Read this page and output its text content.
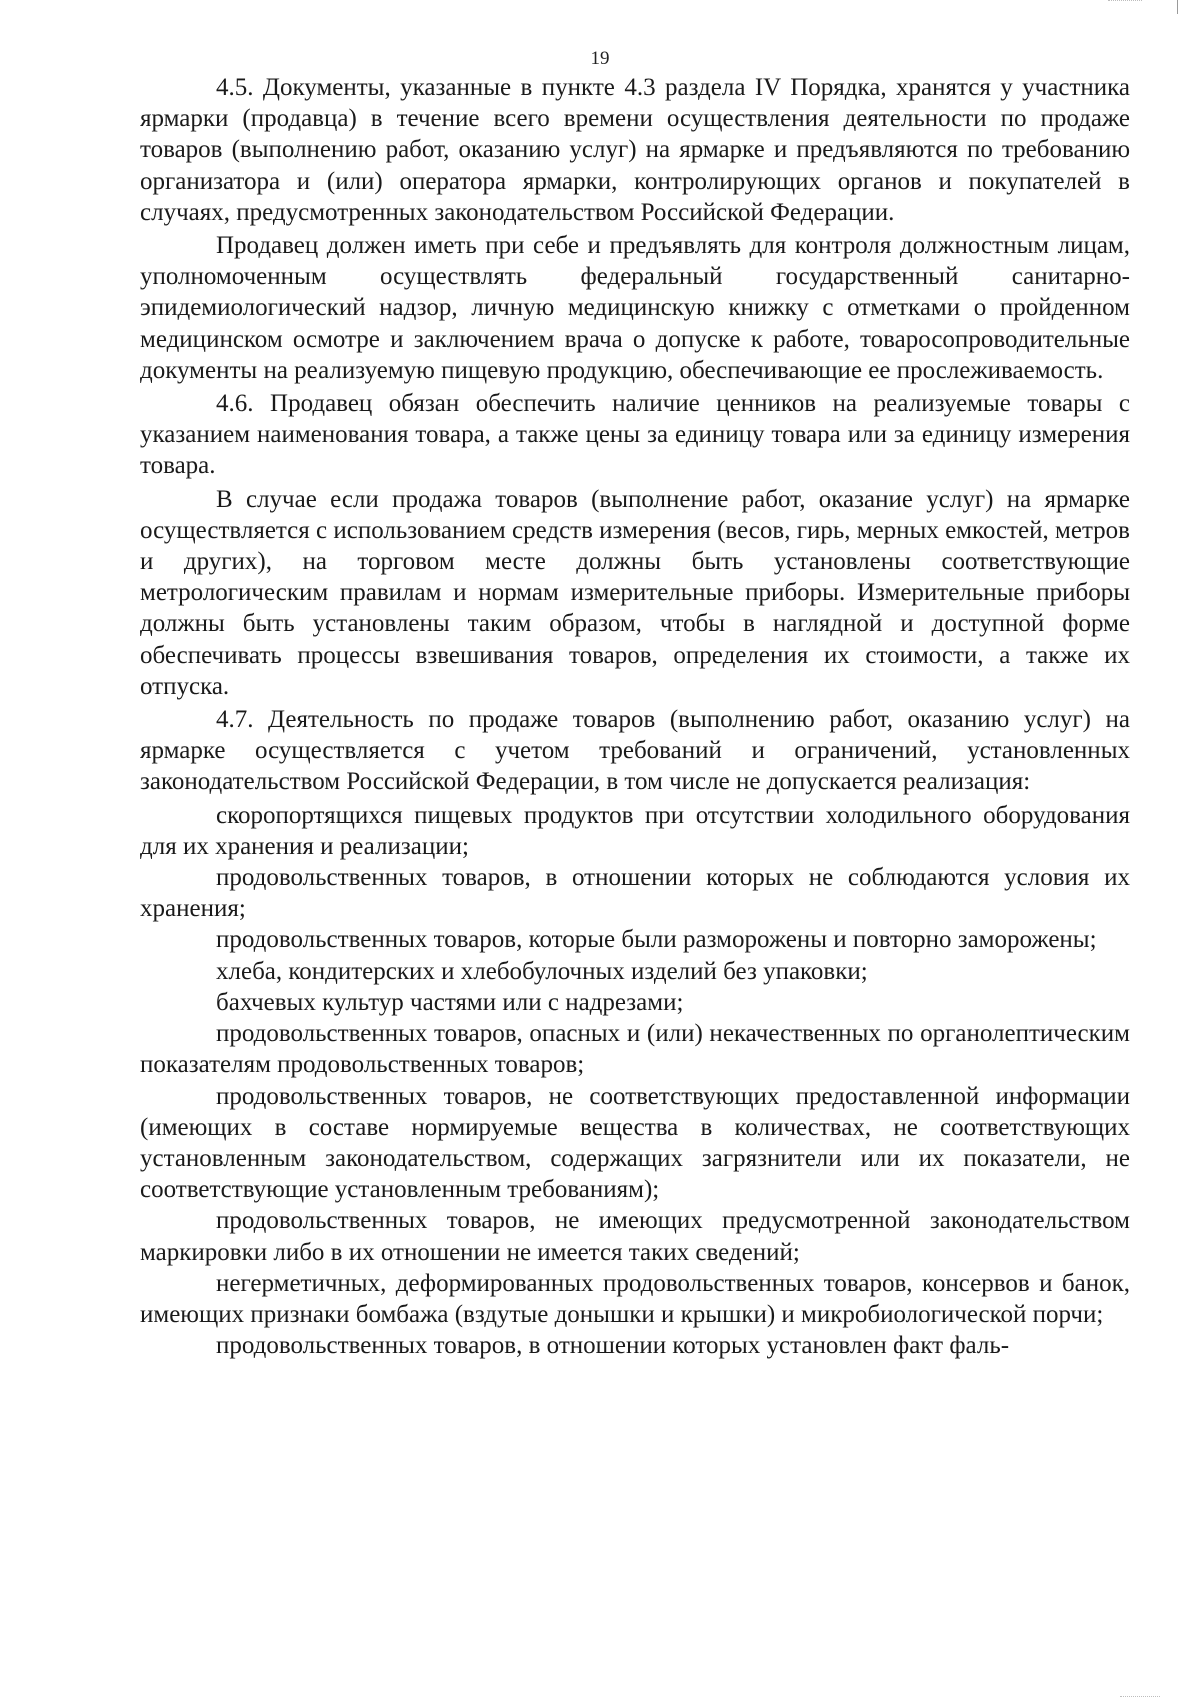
19

4.5. Документы, указанные в пункте 4.3 раздела IV Порядка, хранятся у участника ярмарки (продавца) в течение всего времени осуществления деятельности по продаже товаров (выполнению работ, оказанию услуг) на ярмарке и предъявляются по требованию организатора и (или) оператора ярмарки, контролирующих органов и покупателей в случаях, предусмотренных законодательством Российской Федерации.

Продавец должен иметь при себе и предъявлять для контроля должностным лицам, уполномоченным осуществлять федеральный государственный санитарно-эпидемиологический надзор, личную медицинскую книжку с отметками о пройденном медицинском осмотре и заключением врача о допуске к работе, товаросопроводительные документы на реализуемую пищевую продукцию, обеспечивающие ее прослеживаемость.

4.6. Продавец обязан обеспечить наличие ценников на реализуемые товары с указанием наименования товара, а также цены за единицу товара или за единицу измерения товара.

В случае если продажа товаров (выполнение работ, оказание услуг) на ярмарке осуществляется с использованием средств измерения (весов, гирь, мерных емкостей, метров и других), на торговом месте должны быть установлены соответствующие метрологическим правилам и нормам измерительные приборы. Измерительные приборы должны быть установлены таким образом, чтобы в наглядной и доступной форме обеспечивать процессы взвешивания товаров, определения их стоимости, а также их отпуска.

4.7. Деятельность по продаже товаров (выполнению работ, оказанию услуг) на ярмарке осуществляется с учетом требований и ограничений, установленных законодательством Российской Федерации, в том числе не допускается реализация:

скоропортящихся пищевых продуктов при отсутствии холодильного оборудования для их хранения и реализации;

продовольственных товаров, в отношении которых не соблюдаются условия их хранения;

продовольственных товаров, которые были разморожены и повторно заморожены;

хлеба, кондитерских и хлебобулочных изделий без упаковки;

бахчевых культур частями или с надрезами;

продовольственных товаров, опасных и (или) некачественных по органолептическим показателям продовольственных товаров;

продовольственных товаров, не соответствующих предоставленной информации (имеющих в составе нормируемые вещества в количествах, не соответствующих установленным законодательством, содержащих загрязнители или их показатели, не соответствующие установленным требованиям);

продовольственных товаров, не имеющих предусмотренной законодательством маркировки либо в их отношении не имеется таких сведений;

негерметичных, деформированных продовольственных товаров, консервов и банок, имеющих признаки бомбажа (вздутые донышки и крышки) и микробиологической порчи;

продовольственных товаров, в отношении которых установлен факт фаль-
